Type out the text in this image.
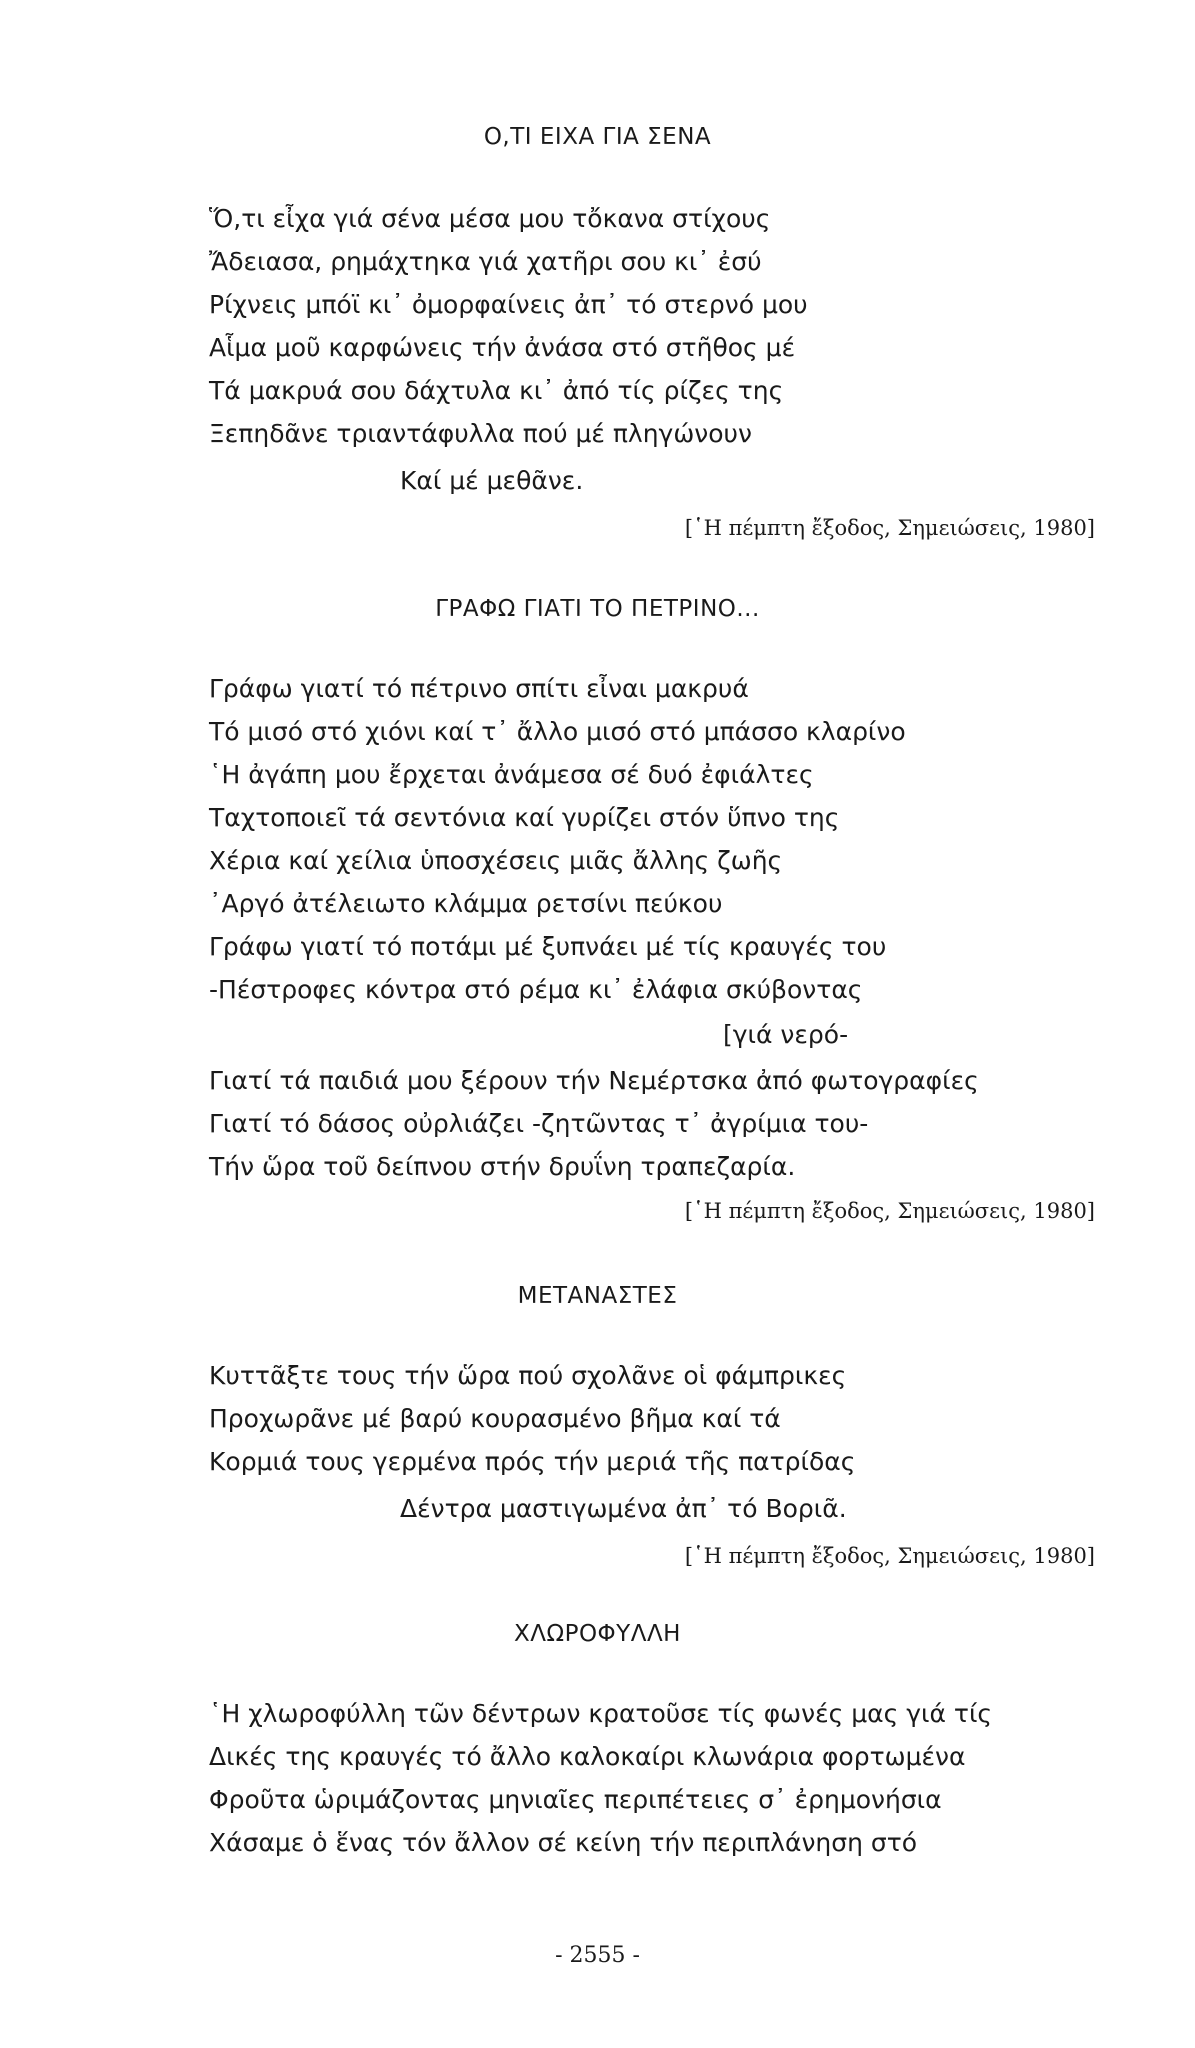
Ο,ΤΙ ΕΙΧΑ ΓΙΑ ΣΕΝΑ
Ὅ,τι εἶχα γιά σένα μέσα μου τὄκανα στίχους
Ἄδειασα, ρημάχτηκα γιά χατῆρι σου κι᾽ ἐσύ
Ρίχνεις μπόϊ κι᾽ ὀμορφαίνεις ἀπ᾽ τό στερνό μου
Αἷμα μοῦ καρφώνεις τήν ἀνάσα στό στῆθος μέ
Τά μακρυά σου δάχτυλα κι᾽ ἀπό τίς ρίζες της
Ξεπηδᾶνε τριαντάφυλλα πού μέ πληγώνουν
Καί μέ μεθᾶνε.
[῾Η πέμπτη ἔξοδος, Σημειώσεις, 1980]
ΓΡΑΦΩ ΓΙΑΤΙ ΤΟ ΠΕΤΡΙΝΟ...
Γράφω γιατί τό πέτρινο σπίτι εἶναι μακρυά
Τό μισό στό χιόνι καί τ᾽ ἄλλο μισό στό μπάσσο κλαρίνο
῾Η ἀγάπη μου ἔρχεται ἀνάμεσα σέ δυό ἐφιάλτες
Ταχτοποιεῖ τά σεντόνια καί γυρίζει στόν ὕπνο της
Χέρια καί χείλια ὑποσχέσεις μιᾶς ἄλλης ζωῆς
᾽Αργό ἀτέλειωτο κλάμμα ρετσίνι πεύκου
Γράφω γιατί τό ποτάμι μέ ξυπνάει μέ τίς κραυγές του
-Πέστροφες κόντρα στό ρέμα κι᾽ ἐλάφια σκύβοντας
[γιά νερό-
Γιατί τά παιδιά μου ξέρουν τήν Νεμέρτσκα ἀπό φωτογραφίες
Γιατί τό δάσος οὐρλιάζει -ζητῶντας τ᾽ ἀγρίμια του-
Τήν ὥρα τοῦ δείπνου στήν δρυΐνη τραπεζαρία.
[῾Η πέμπτη ἔξοδος, Σημειώσεις, 1980]
ΜΕΤΑΝΑΣΤΕΣ
Κυττᾶξτε τους τήν ὥρα πού σχολᾶνε οἱ φάμπρικες
Προχωρᾶνε μέ βαρύ κουρασμένο βῆμα καί τά
Κορμιά τους γερμένα πρός τήν μεριά τῆς πατρίδας
Δέντρα μαστιγωμένα ἀπ᾽ τό Βοριᾶ.
[῾Η πέμπτη ἔξοδος, Σημειώσεις, 1980]
ΧΛΩΡΟΦΥΛΛΗ
῾Η χλωροφύλλη τῶν δέντρων κρατοῦσε τίς φωνές μας γιά τίς
Δικές της κραυγές τό ἄλλο καλοκαίρι κλωνάρια φορτωμένα
Φροῦτα ὡριμάζοντας μηνιαῖες περιπέτειες σ᾽ ἐρημονήσια
Χάσαμε ὁ ἕνας τόν ἄλλον σέ κείνη τήν περιπλάνηση στό
- 2555 -
